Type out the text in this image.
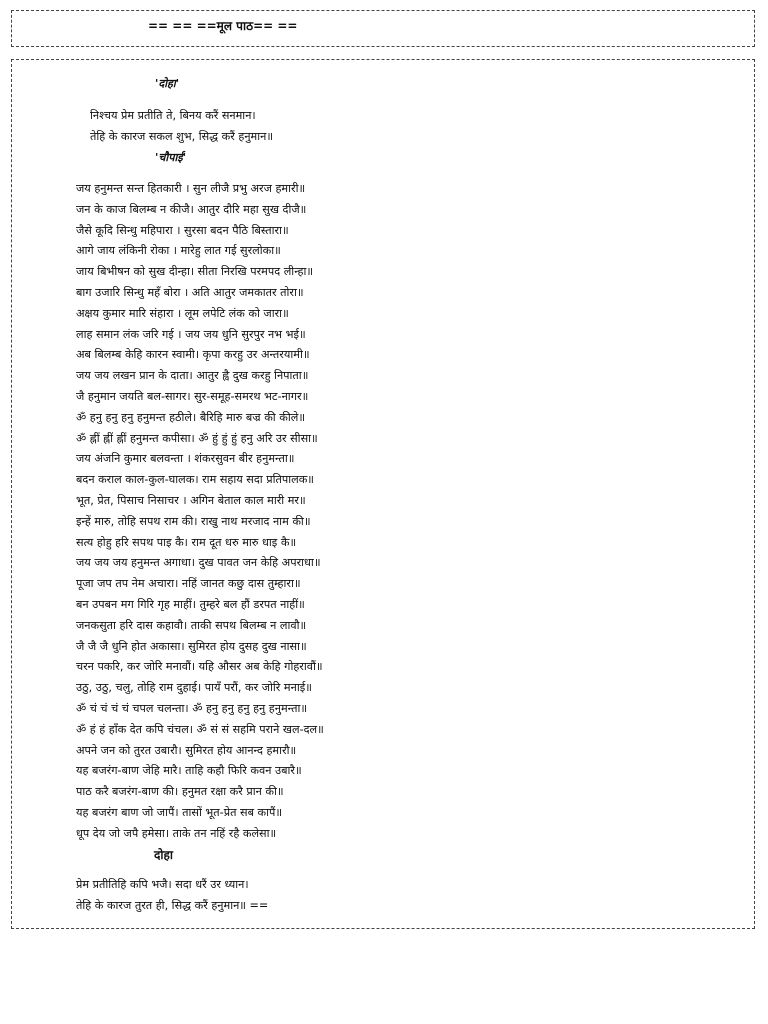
== == ==मूल पाठ== ==
'दोहा'
निश्चय प्रेम प्रतीति ते, बिनय करैं सनमान।
तेहि के कारज सकल शुभ, सिद्ध करैं हनुमान॥
'चौपाई'
जय हनुमन्त सन्त हितकारी । सुन लीजै प्रभु अरज हमारी॥
जन के काज बिलम्ब न कीजै। आतुर दौरि महा सुख दीजै॥
जैसे कूदि सिन्धु महिपारा । सुरसा बदन पैठि बिस्तारा॥
आगे जाय लंकिनी रोका । मारेहु लात गई सुरलोका॥
जाय बिभीषन को सुख दीन्हा। सीता निरखि परमपद लीन्हा॥
बाग उजारि सिन्धु महँ बोरा । अति आतुर जमकातर तोरा॥
अक्षय कुमार मारि संहारा । लूम लपेटि लंक को जारा॥
लाह समान लंक जरि गई । जय जय धुनि सुरपुर नभ भई॥
अब बिलम्ब केहि कारन स्वामी। कृपा करहु उर अन्तरयामी॥
जय जय लखन प्रान के दाता। आतुर ह्वै दुख करहु निपाता॥
जै हनुमान जयति बल-सागर। सुर-समूह-समरथ भट-नागर॥
ॐ हनु हनु हनु हनुमन्त हठीले। बैरिहि मारु बज्र की कीले॥
ॐ ह्नीं ह्नीं ह्नीं हनुमन्त कपीसा। ॐ हुं हुं हुं हनु अरि उर सीसा॥
जय अंजनि कुमार बलवन्ता । शंकरसुवन बीर हनुमन्ता॥
बदन कराल काल-कुल-घालक। राम सहाय सदा प्रतिपालक॥
भूत, प्रेत, पिसाच निसाचर । अगिन बेताल काल मारी मर॥
इन्हें मारु, तोहि सपथ राम की। राखु नाथ मरजाद नाम की॥
सत्य होहु हरि सपथ पाइ कै। राम दूत धरु मारु धाइ कै॥
जय जय जय हनुमन्त अगाधा। दुख पावत जन केहि अपराधा॥
पूजा जप तप नेम अचारा। नहिं जानत कछु दास तुम्हारा॥
बन उपबन मग गिरि गृह माहीं। तुम्हरे बल हौं डरपत नाहीं॥
जनकसुता हरि दास कहावौ। ताकी सपथ बिलम्ब न लावौ॥
जै जै जै धुनि होत अकासा। सुमिरत होय दुसह दुख नासा॥
चरन पकरि, कर जोरि मनावौं। यहि औसर अब केहि गोहरावौं॥
उठु, उठु, चलु, तोहि राम दुहाई। पायँ परौं, कर जोरि मनाई॥
ॐ चं चं चं चं चपल चलन्ता। ॐ हनु हनु हनु हनु हनुमन्ता॥
ॐ हं हं हाँक देत कपि चंचल। ॐ सं सं सहमि पराने खल-दल॥
अपने जन को तुरत उबारौ। सुमिरत होय आनन्द हमारौ॥
यह बजरंग-बाण जेहि मारै। ताहि कहौ फिरि कवन उबारै॥
पाठ करै बजरंग-बाण की। हनुमत रक्षा करै प्रान की॥
यह बजरंग बाण जो जापैं। तासों भूत-प्रेत सब कापैं॥
धूप देय जो जपै हमेसा। ताके तन नहिं रहै कलेसा॥
दोहा
प्रेम प्रतीतिहि कपि भजै। सदा धरैं उर ध्यान।
तेहि के कारज तुरत ही, सिद्ध करैं हनुमान॥ ==
